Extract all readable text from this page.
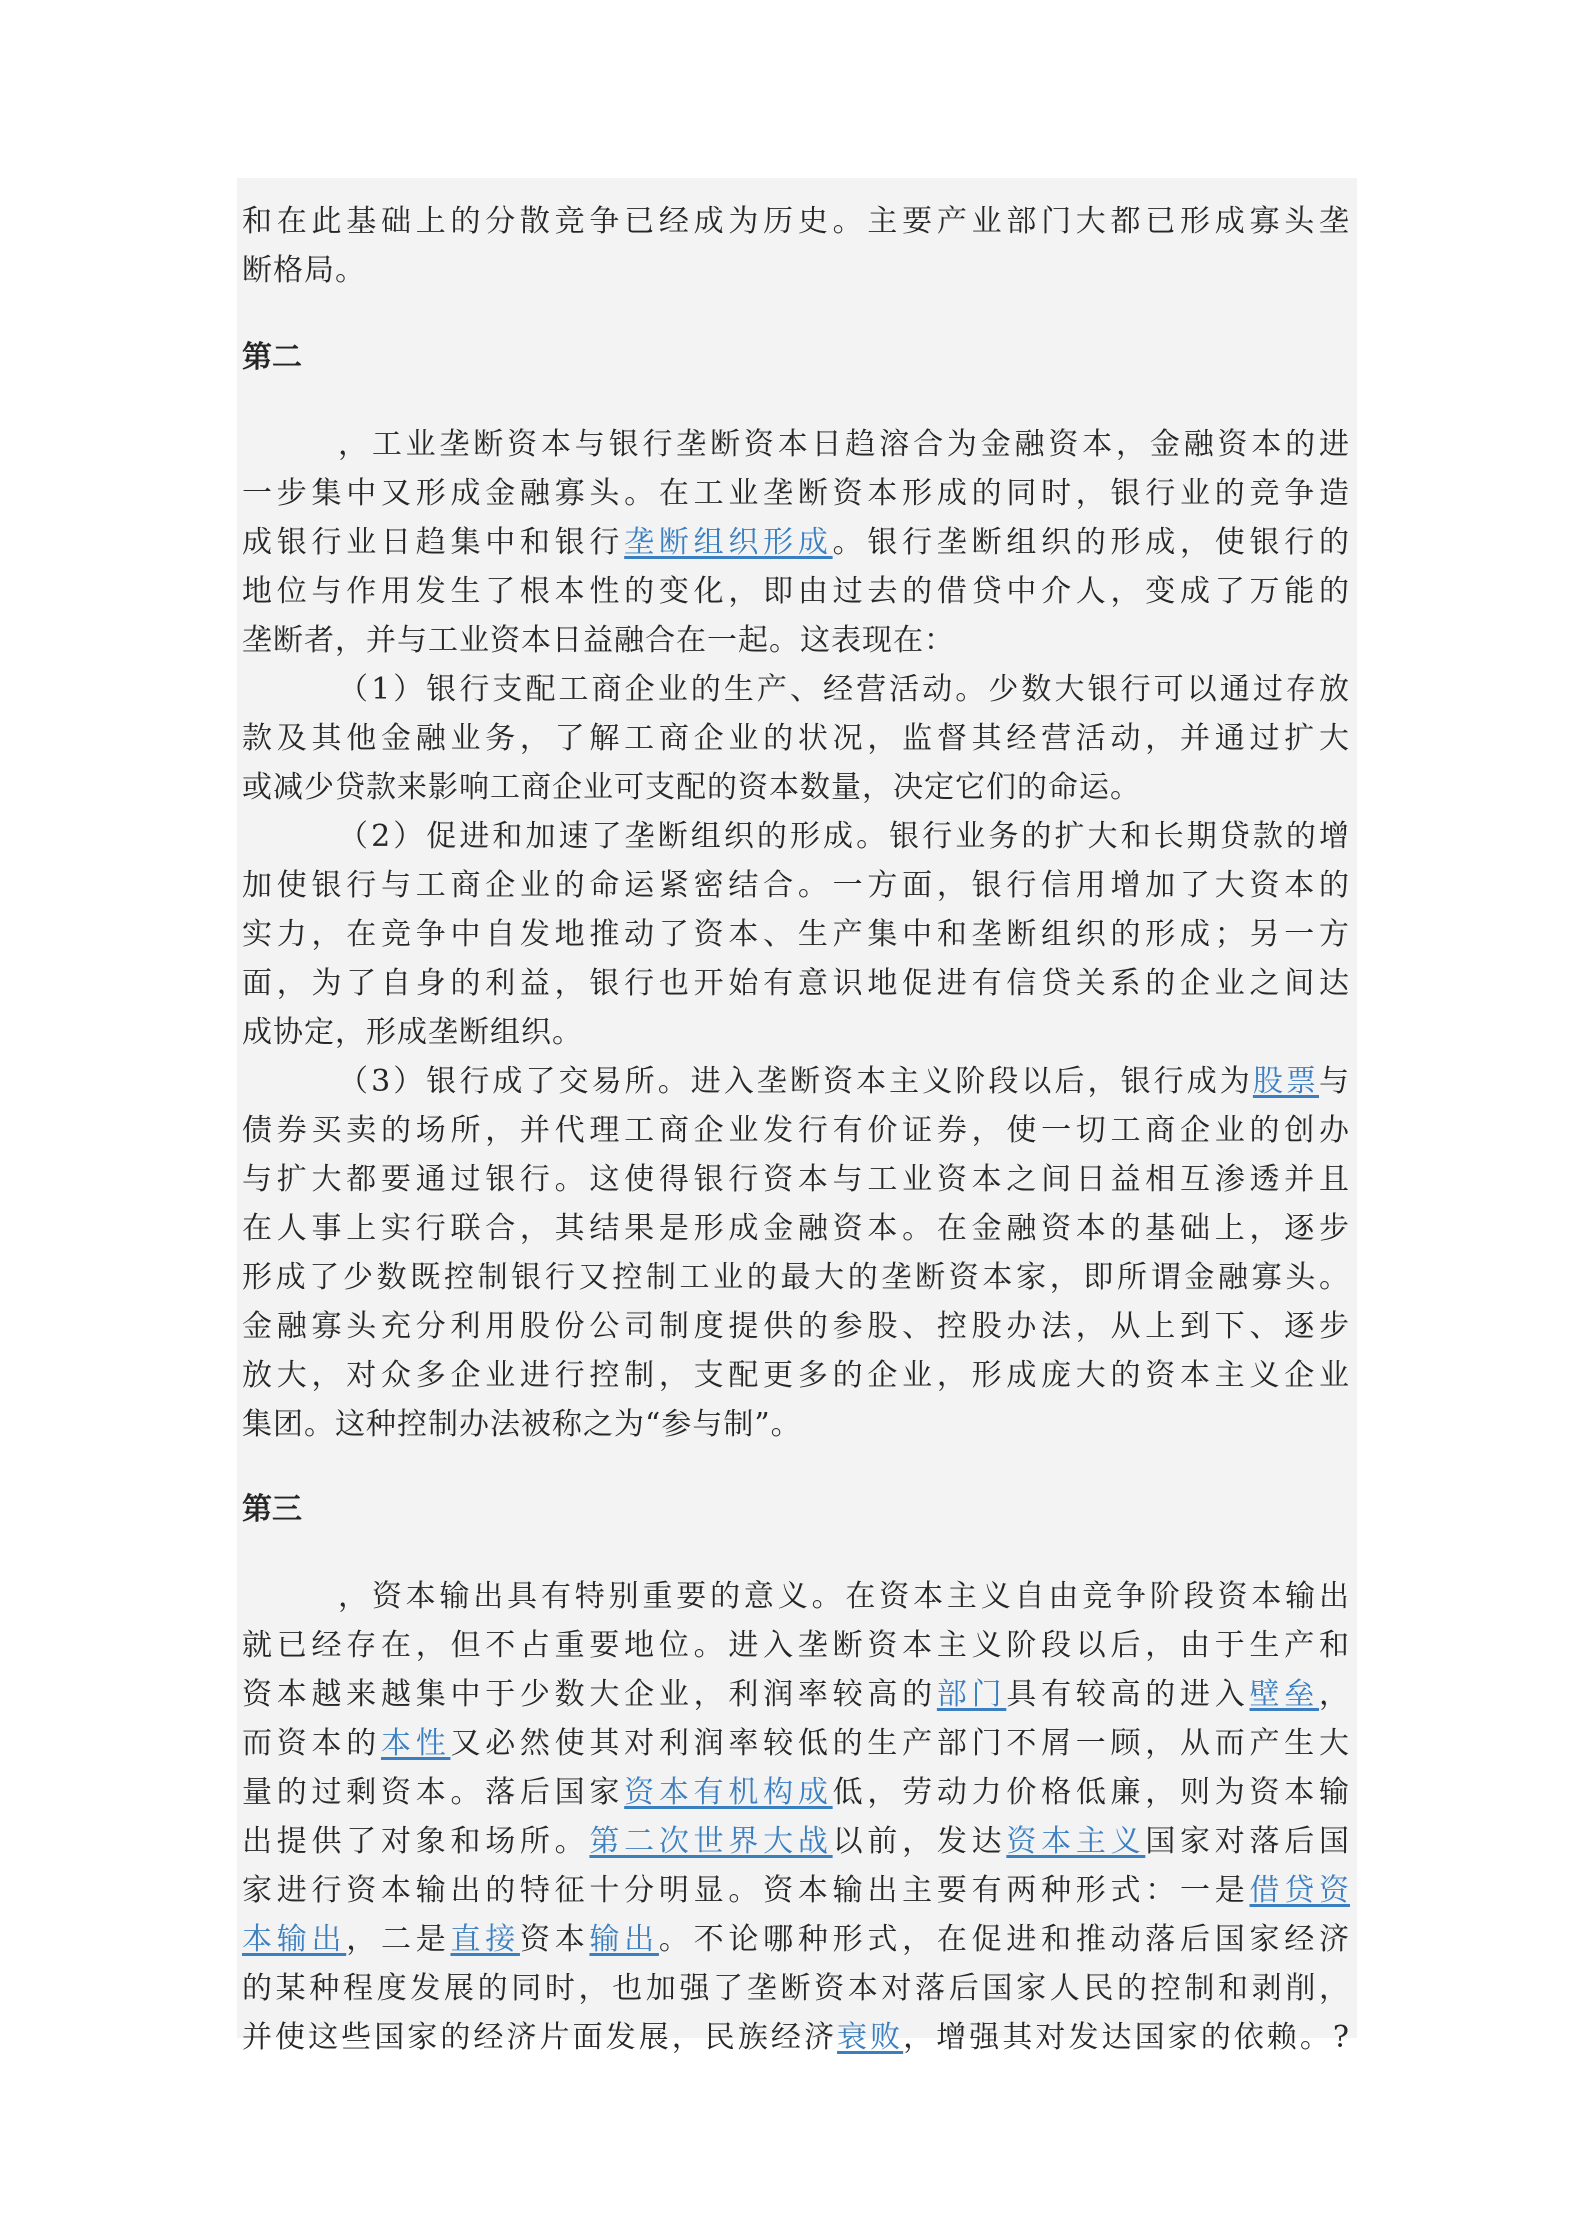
和在此基础上的分散竞争已经成为历史。主要产业部门大都已形成寡头垄
断格局。
第二
，工业垄断资本与银行垄断资本日趋溶合为金融资本，金融资本的进
一步集中又形成金融寡头。在工业垄断资本形成的同时，银行业的竞争造
成银行业日趋集中和银行垄断组织形成。银行垄断组织的形成，使银行的
地位与作用发生了根本性的变化，即由过去的借贷中介人，变成了万能的
垄断者，并与工业资本日益融合在一起。这表现在：
（1）银行支配工商企业的生产、经营活动。少数大银行可以通过存放
款及其他金融业务，了解工商企业的状况，监督其经营活动，并通过扩大
或减少贷款来影响工商企业可支配的资本数量，决定它们的命运。
（2）促进和加速了垄断组织的形成。银行业务的扩大和长期贷款的增
加使银行与工商企业的命运紧密结合。一方面，银行信用增加了大资本的
实力，在竞争中自发地推动了资本、生产集中和垄断组织的形成；另一方
面，为了自身的利益，银行也开始有意识地促进有信贷关系的企业之间达
成协定，形成垄断组织。
（3）银行成了交易所。进入垄断资本主义阶段以后，银行成为股票与
债券买卖的场所，并代理工商企业发行有价证券，使一切工商企业的创办
与扩大都要通过银行。这使得银行资本与工业资本之间日益相互渗透并且
在人事上实行联合，其结果是形成金融资本。在金融资本的基础上，逐步
形成了少数既控制银行又控制工业的最大的垄断资本家，即所谓金融寡头。
金融寡头充分利用股份公司制度提供的参股、控股办法，从上到下、逐步
放大，对众多企业进行控制，支配更多的企业，形成庞大的资本主义企业
集团。这种控制办法被称之为“参与制”。
第三
，资本输出具有特别重要的意义。在资本主义自由竞争阶段资本输出
就已经存在，但不占重要地位。进入垄断资本主义阶段以后，由于生产和
资本越来越集中于少数大企业，利润率较高的部门具有较高的进入壁垒，
而资本的本性又必然使其对利润率较低的生产部门不屑一顾，从而产生大
量的过剩资本。落后国家资本有机构成低，劳动力价格低廉，则为资本输
出提供了对象和场所。第二次世界大战以前，发达资本主义国家对落后国
家进行资本输出的特征十分明显。资本输出主要有两种形式：一是借贷资
本输出，二是直接资本输出。不论哪种形式，在促进和推动落后国家经济
的某种程度发展的同时，也加强了垄断资本对落后国家人民的控制和剥削，
并使这些国家的经济片面发展，民族经济衰败，增强其对发达国家的依赖。?
